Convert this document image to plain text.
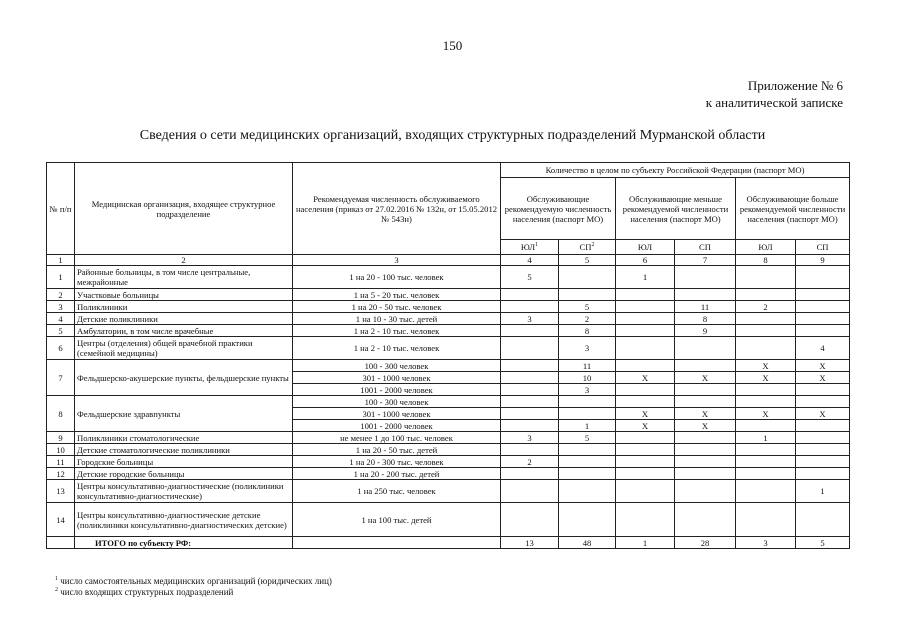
150
Приложение № 6
к аналитической записке
Сведения о сети медицинских организаций, входящих структурных подразделений Мурманской области
№ п/п	Медицинская организация, входящее структурное подразделение	Рекомендуемая численность обслуживаемого населения (приказ от 27.02.2016 № 132н, от 15.05.2012 № 543н)	Количество в целом по субъекту Российской Федерации (паспорт МО)					
			Обслуживающие рекомендуемую численность населения (паспорт МО)		Обслуживающие меньше рекомендуемой численности населения (паспорт МО)		Обслуживающие больше рекомендуемой численности населения (паспорт МО)	
			$ЮЛ^1$	$СП^2$	ЮЛ	СП	ЮЛ	СП
1	2	3	4	5	6	7	8	9
1	Районные больницы, в том числе центральные, межрайонные	1 на 20 - 100 тыс. человек	5		1			
2	Участковые больницы	1 на 5 - 20 тыс. человек						
3	Поликлиники	1 на 20 - 50 тыс. человек		5		11	2	
4	Детские поликлиники	1 на 10 - 30 тыс. детей	3	2		8		
5	Амбулатории, в том числе врачебные	1 на 2 - 10 тыс. человек		8		9		
6	Центры (отделения) общей врачебной практики (семейной медицины)	1 на 2 - 10 тыс. человек		3				4
7	Фельдшерско-акушерские пункты, фельдшерские пункты	100 - 300 человек		11			Х	Х
		301 - 1000 человек		10	Х	Х	Х	Х
		1001 - 2000 человек		3				
8	Фельдшерские здравпункты	100 - 300 человек						
		301 - 1000 человек			Х	Х	Х	Х
		1001 - 2000 человек		1	Х	Х		
9	Поликлиники стоматологические	не менее 1 до 100 тыс. человек	3	5			1	
10	Детские стоматологические поликлиники	1 на 20 - 50 тыс. детей						
11	Городские больницы	1 на 20 - 300 тыс. человек	2					
12	Детские городские больницы	1 на 20 - 200 тыс. детей						
13	Центры консультативно-диагностические (поликлиники консультативно-диагностические)	1 на 250 тыс. человек						1
14	Центры консультативно-диагностические детские (поликлиники консультативно-диагностических детские)	1 на 100 тыс. детей						
	ИТОГО по субъекту РФ:		13	48	1	28	3	5
$^1$ число самостоятельных медицинских организаций (юридических лиц)
$^2$ число входящих структурных подразделений
